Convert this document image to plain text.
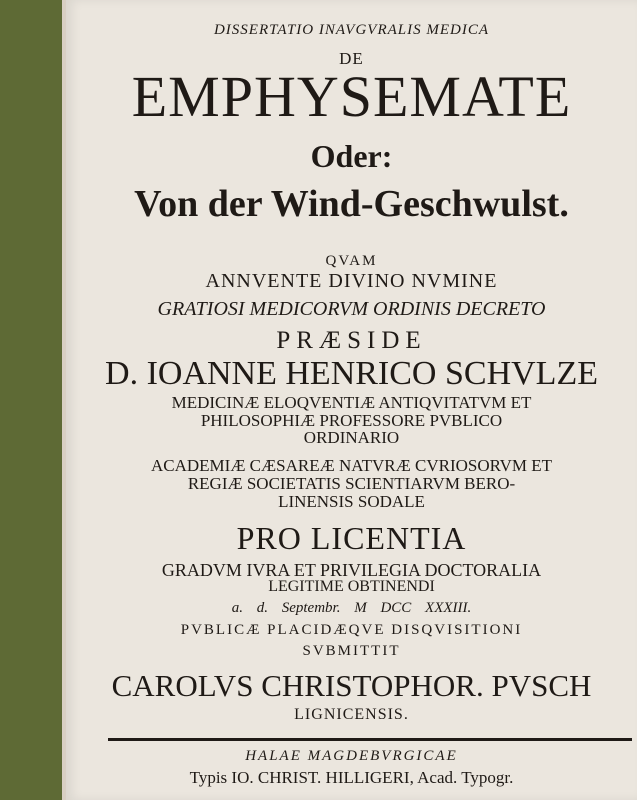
DISSERTATIO INAVGVRALIS MEDICA

DE

EMPHYSEMATE

Oder:

Von der Wind-Geschwulst.

QVAM

ANNVENTE DIVINO NVMINE

GRATIOSI MEDICORVM ORDINIS DECRETO

PRÆSIDE

D. IOANNE HENRICO SCHVLZE

MEDICINÆ ELOQVENTIÆ ANTIQVITATVM ET

PHILOSOPHIÆ PROFESSORE PVBLICO

ORDINARIO

ACADEMIÆ CÆSAREÆ NATVRÆ CVRIOSORVM ET

REGIÆ SOCIETATIS SCIENTIARVM BERO-

LINENSIS SODALE

PRO LICENTIA

GRADVM IVRA ET PRIVILEGIA DOCTORALIA

LEGITIME OBTINENDI

a. d. Septembr. M DCC XXXIII.

PVBLICÆ PLACIDÆQVE DISQVISITIONI

SVBMITTIT

CAROLVS CHRISTOPHOR. PVSCH

LIGNICENSIS.

HALAE MAGDEBVRGICAE

Typis IO. CHRIST. HILLIGERI, Acad. Typogr.
